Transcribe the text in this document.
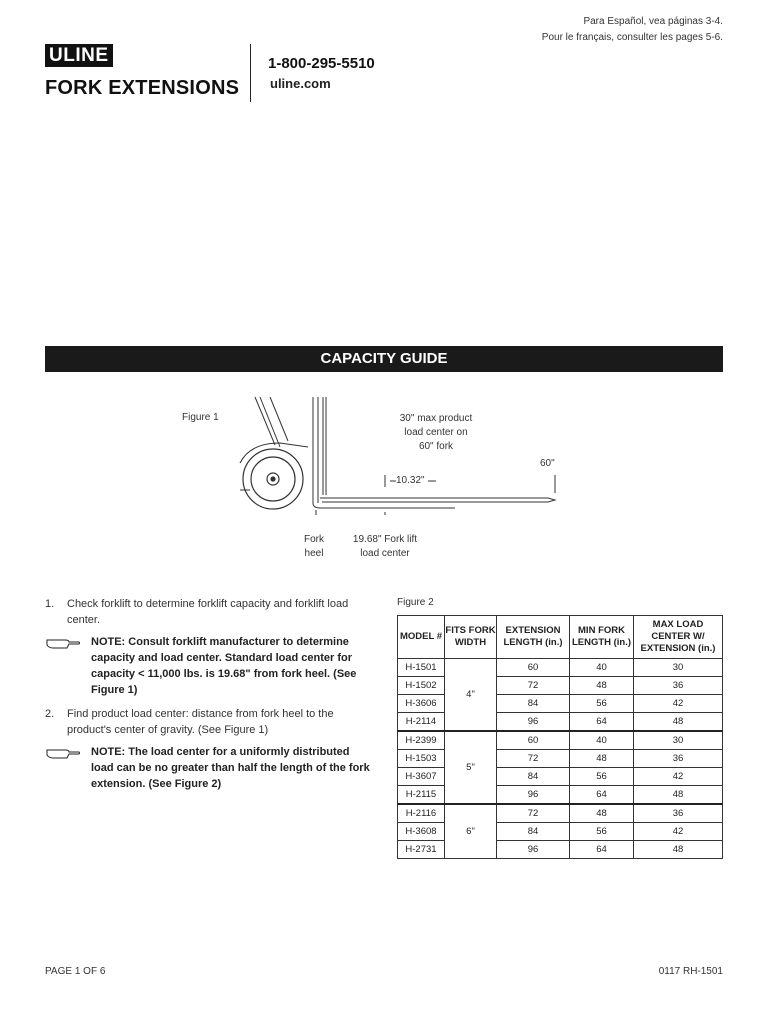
Para Español, vea páginas 3-4.
Pour le français, consulter les pages 5-6.
ULINE
FORK EXTENSIONS
1-800-295-5510
uline.com
CAPACITY GUIDE
Figure 1	30" max product
load center on
60" fork
60"
10.32"
Fork
heel
19.68" Fork lift
load center
1.	Check forklift to determine forklift capacity and forklift load center.
NOTE: Consult forklift manufacturer to determine capacity and load center. Standard load center for capacity < 11,000 lbs. is 19.68" from fork heel. (See Figure 1)
2.	Find product load center: distance from fork heel to the product's center of gravity. (See Figure 1)
NOTE: The load center for a uniformly distributed load can be no greater than half the length of the fork extension. (See Figure 2)
Figure 2
MODEL #	FITS FORK WIDTH	EXTENSION LENGTH (in.)	MIN FORK LENGTH (in.)	MAX LOAD CENTER W/ EXTENSION (in.)
H-1501	4"	60	40	30
H-1502		72	48	36
H-3606		84	56	42
H-2114		96	64	48
H-2399	5"	60	40	30
H-1503		72	48	36
H-3607		84	56	42
H-2115		96	64	48
H-2116	6"	72	48	36
H-3608		84	56	42
H-2731		96	64	48
PAGE 1 OF 6	0117 RH-1501
